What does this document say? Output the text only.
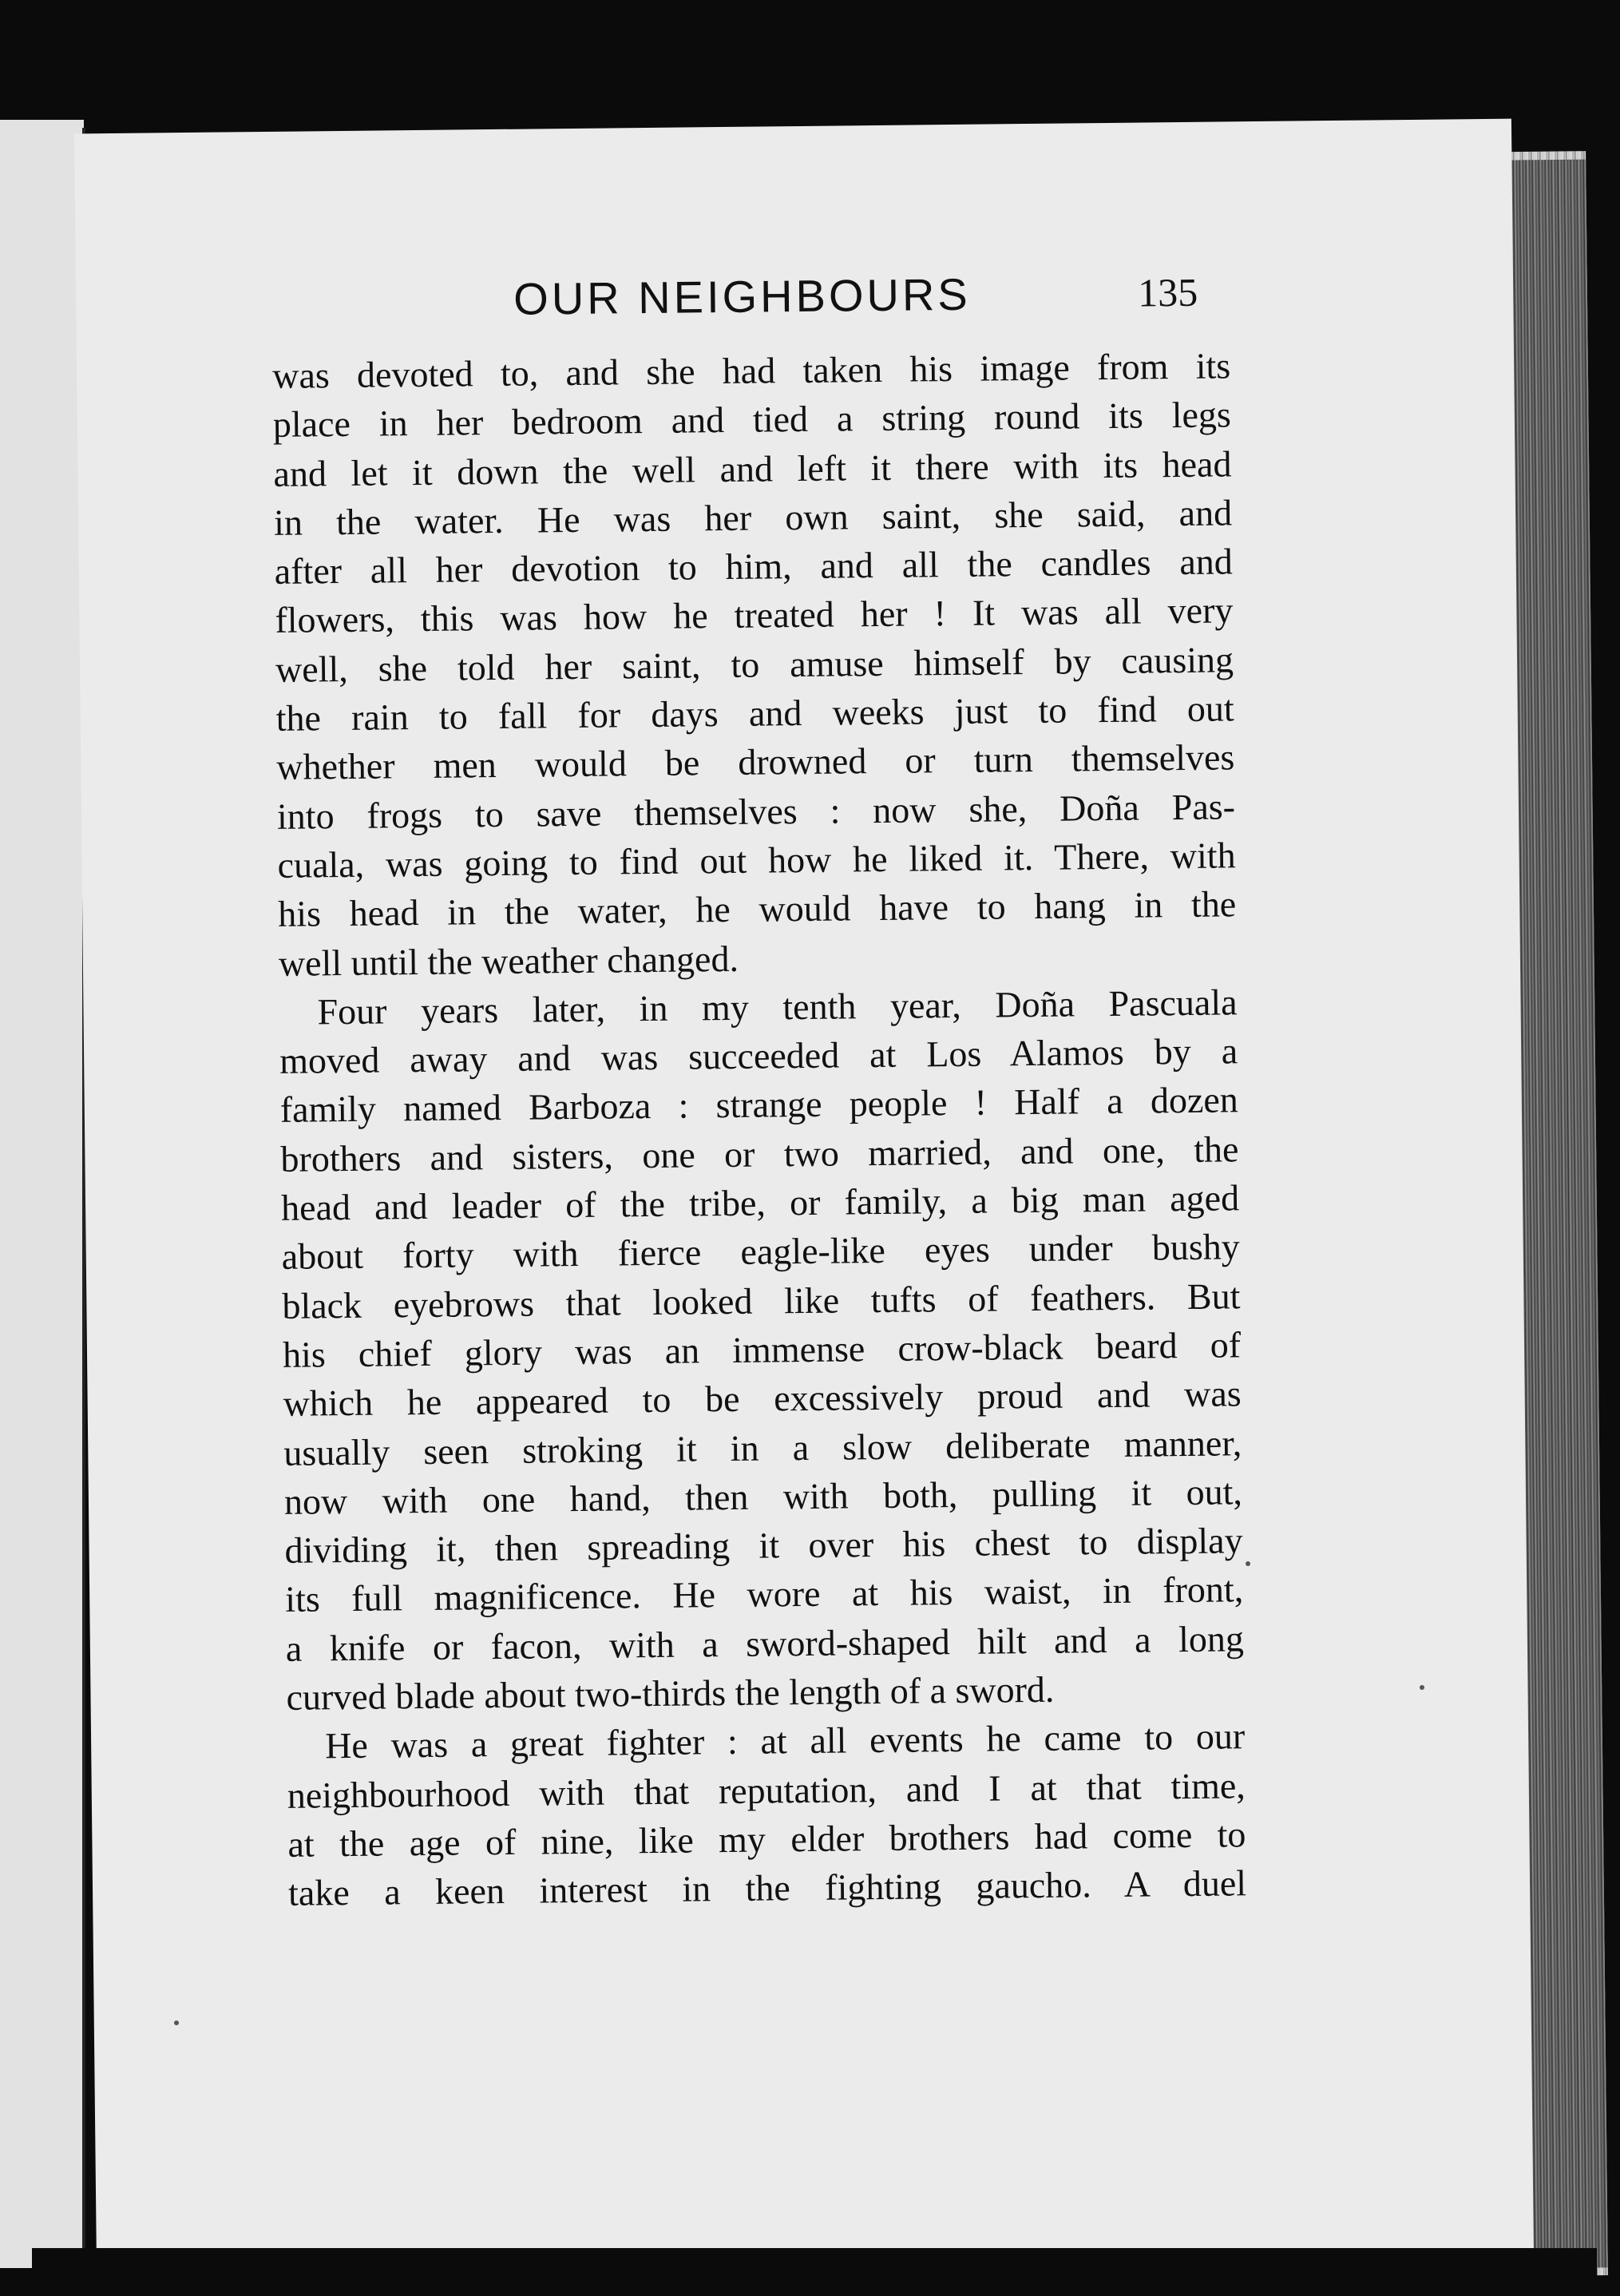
OUR NEIGHBOURS	135
was devoted to, and she had taken his image from its
place in her bedroom and tied a string round its legs
and let it down the well and left it there with its head
in the water. He was her own saint, she said, and
after all her devotion to him, and all the candles and
flowers, this was how he treated her ! It was all very
well, she told her saint, to amuse himself by causing
the rain to fall for days and weeks just to find out
whether men would be drowned or turn themselves
into frogs to save themselves : now she, Doña Pas-
cuala, was going to find out how he liked it. There, with
his head in the water, he would have to hang in the
well until the weather changed.
Four years later, in my tenth year, Doña Pascuala
moved away and was succeeded at Los Alamos by a
family named Barboza : strange people ! Half a dozen
brothers and sisters, one or two married, and one, the
head and leader of the tribe, or family, a big man aged
about forty with fierce eagle-like eyes under bushy
black eyebrows that looked like tufts of feathers. But
his chief glory was an immense crow-black beard of
which he appeared to be excessively proud and was
usually seen stroking it in a slow deliberate manner,
now with one hand, then with both, pulling it out,
dividing it, then spreading it over his chest to display
its full magnificence. He wore at his waist, in front,
a knife or facon, with a sword-shaped hilt and a long
curved blade about two-thirds the length of a sword.
He was a great fighter : at all events he came to our
neighbourhood with that reputation, and I at that time,
at the age of nine, like my elder brothers had come to
take a keen interest in the fighting gaucho. A duel
